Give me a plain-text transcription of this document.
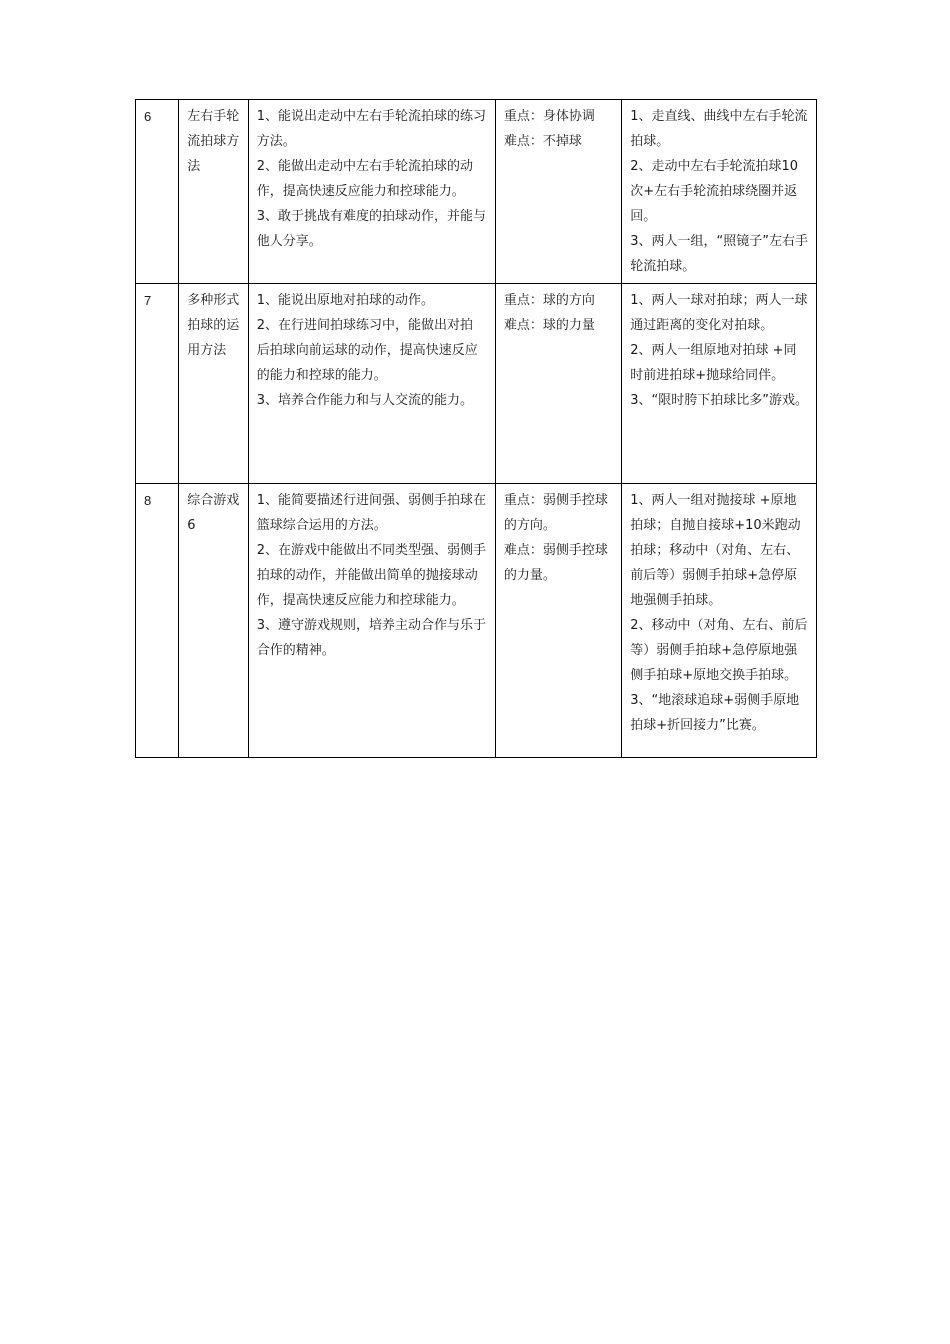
6	左右手轮流拍球方法	1、能说出走动中左右手轮流拍球的练习方法。
2、能做出走动中左右手轮流拍球的动作，提高快速反应能力和控球能力。
3、敢于挑战有难度的拍球动作，并能与他人分享。	重点：身体协调
难点：不掉球	1、走直线、曲线中左右手轮流拍球。
2、走动中左右手轮流拍球10次+左右手轮流拍球绕圈并返回。
3、两人一组，“照镜子”左右手轮流拍球。

7	多种形式拍球的运用方法	1、能说出原地对拍球的动作。
2、在行进间拍球练习中，能做出对拍　后拍球向前运球的动作，提高快速反应的能力和控球的能力。
3、培养合作能力和与人交流的能力。	重点：球的方向
难点：球的力量	1、两人一球对拍球；两人一球通过距离的变化对拍球。
2、两人一组原地对拍球 +同时前进拍球+抛球给同伴。
3、“限时胯下拍球比多”游戏。

8	综合游戏6	1、能简要描述行进间强、弱侧手拍球在篮球综合运用的方法。
2、在游戏中能做出不同类型强、弱侧手拍球的动作，并能做出简单的抛接球动作，提高快速反应能力和控球能力。
3、遵守游戏规则，培养主动合作与乐于合作的精神。	重点：弱侧手控球的方向。
难点：弱侧手控球的力量。	1、两人一组对抛接球 +原地拍球；自抛自接球+10米跑动拍球；移动中（对角、左右、前后等）弱侧手拍球+急停原地强侧手拍球。
2、移动中（对角、左右、前后等）弱侧手拍球+急停原地强侧手拍球+原地交换手拍球。
3、“地滚球追球+弱侧手原地拍球+折回接力”比赛。
